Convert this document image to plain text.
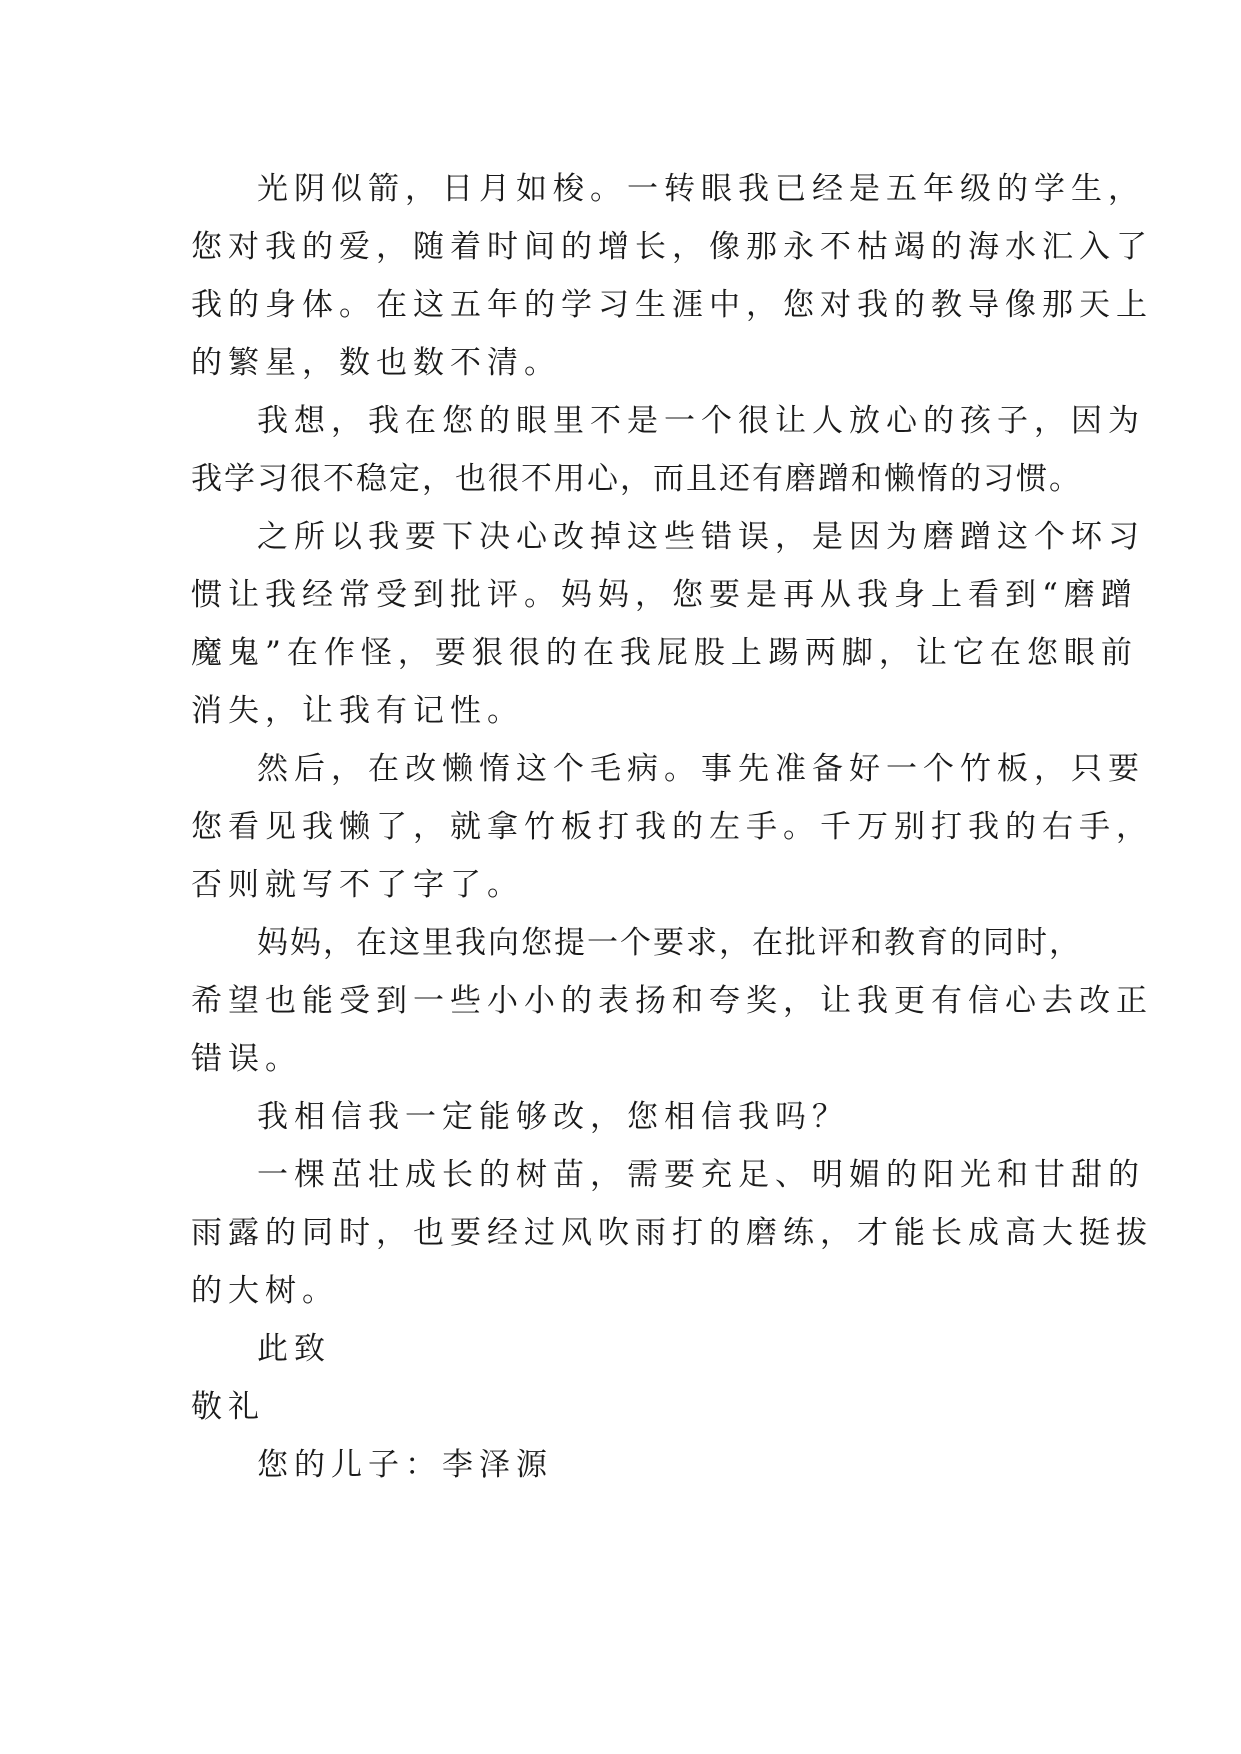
光阴似箭，日月如梭。一转眼我已经是五年级的学生，
您对我的爱，随着时间的增长，像那永不枯竭的海水汇入了
我的身体。在这五年的学习生涯中，您对我的教导像那天上
的繁星，数也数不清。
我想，我在您的眼里不是一个很让人放心的孩子，因为
我学习很不稳定，也很不用心，而且还有磨蹭和懒惰的习惯。
之所以我要下决心改掉这些错误，是因为磨蹭这个坏习
惯让我经常受到批评。妈妈，您要是再从我身上看到“磨蹭
魔鬼”在作怪，要狠很的在我屁股上踢两脚，让它在您眼前
消失，让我有记性。
然后，在改懒惰这个毛病。事先准备好一个竹板，只要
您看见我懒了，就拿竹板打我的左手。千万别打我的右手，
否则就写不了字了。
妈妈，在这里我向您提一个要求，在批评和教育的同时，
希望也能受到一些小小的表扬和夸奖，让我更有信心去改正
错误。
我相信我一定能够改，您相信我吗？
一棵茁壮成长的树苗，需要充足、明媚的阳光和甘甜的
雨露的同时，也要经过风吹雨打的磨练，才能长成高大挺拔
的大树。
此致
敬礼
您的儿子：李泽源
